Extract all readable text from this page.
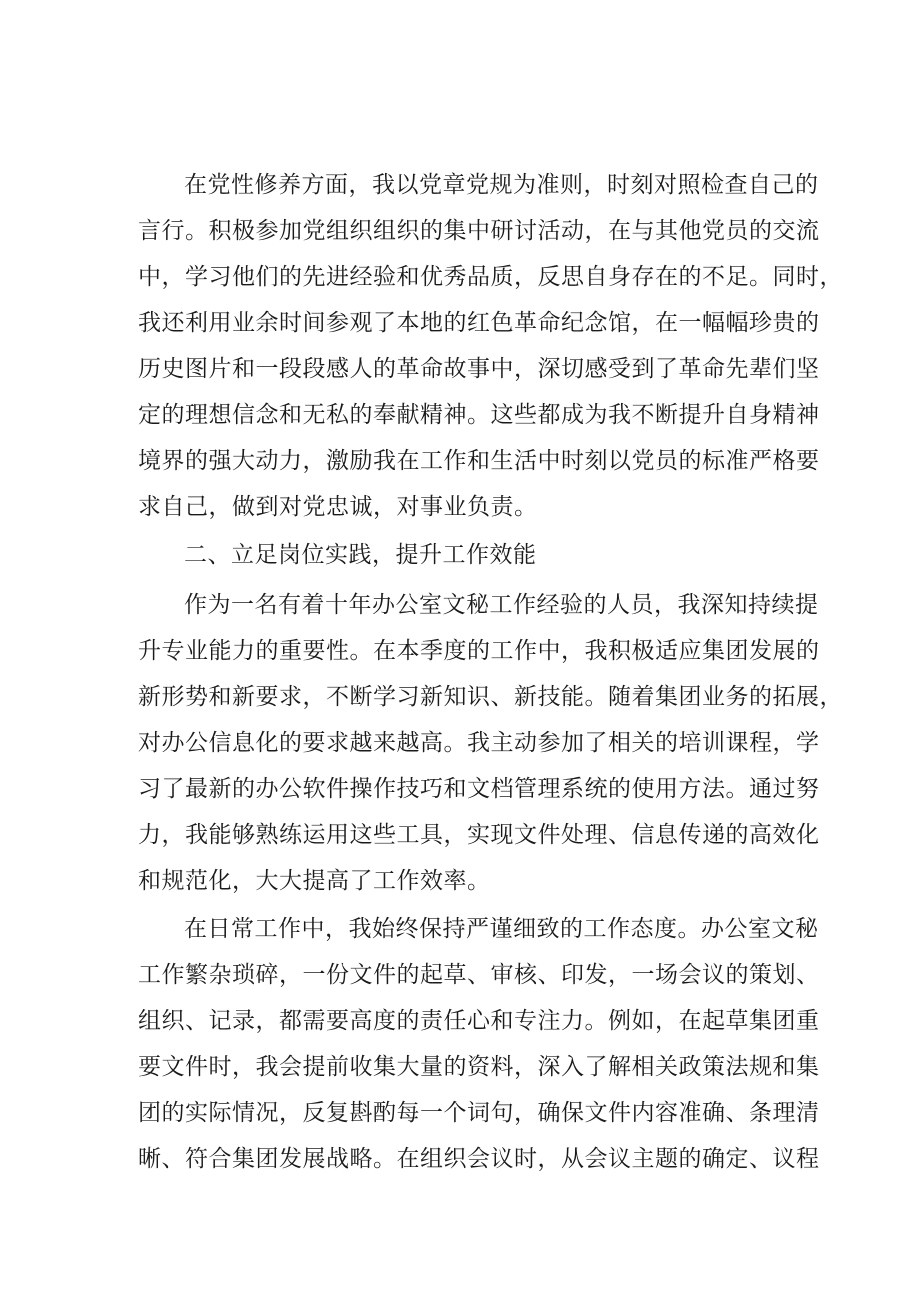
在党性修养方面，我以党章党规为准则，时刻对照检查自己的

言行。积极参加党组织组织的集中研讨活动，在与其他党员的交流

中，学习他们的先进经验和优秀品质，反思自身存在的不足。同时，

我还利用业余时间参观了本地的红色革命纪念馆，在一幅幅珍贵的

历史图片和一段段感人的革命故事中，深切感受到了革命先辈们坚

定的理想信念和无私的奉献精神。这些都成为我不断提升自身精神

境界的强大动力，激励我在工作和生活中时刻以党员的标准严格要

求自己，做到对党忠诚，对事业负责。

二、立足岗位实践，提升工作效能

作为一名有着十年办公室文秘工作经验的人员，我深知持续提

升专业能力的重要性。在本季度的工作中，我积极适应集团发展的

新形势和新要求，不断学习新知识、新技能。随着集团业务的拓展，

对办公信息化的要求越来越高。我主动参加了相关的培训课程，学

习了最新的办公软件操作技巧和文档管理系统的使用方法。通过努

力，我能够熟练运用这些工具，实现文件处理、信息传递的高效化

和规范化，大大提高了工作效率。

在日常工作中，我始终保持严谨细致的工作态度。办公室文秘

工作繁杂琐碎，一份文件的起草、审核、印发，一场会议的策划、

组织、记录，都需要高度的责任心和专注力。例如，在起草集团重

要文件时，我会提前收集大量的资料，深入了解相关政策法规和集

团的实际情况，反复斟酌每一个词句，确保文件内容准确、条理清

晰、符合集团发展战略。在组织会议时，从会议主题的确定、议程
